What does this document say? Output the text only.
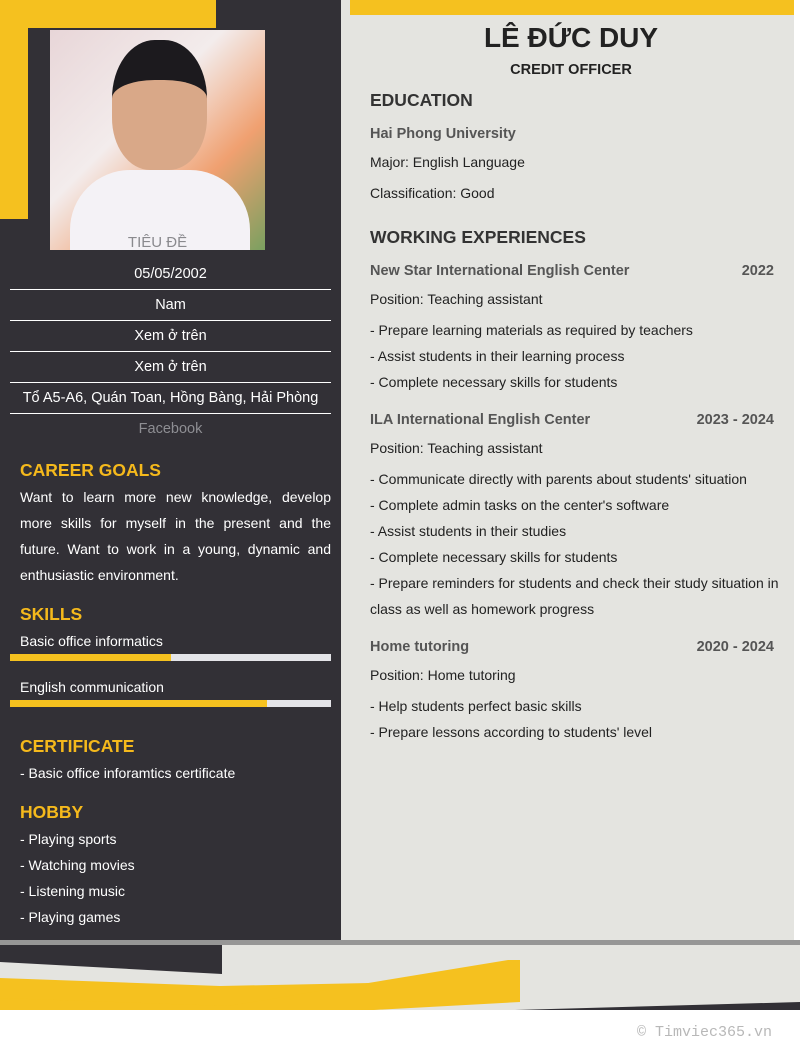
TIÊU ĐỀ
05/05/2002
Nam
Xem ở trên
Xem ở trên
Tổ A5-A6, Quán Toan, Hồng Bàng, Hải Phòng
Facebook
CAREER GOALS
Want to learn more new knowledge, develop more skills for myself in the present and the future. Want to work in a young, dynamic and enthusiastic environment.
SKILLS
Basic office informatics
English communication
CERTIFICATE
- Basic office inforamtics certificate
HOBBY
- Playing sports
- Watching movies
- Listening music
- Playing games
LÊ ĐỨC DUY
CREDIT OFFICER
EDUCATION
Hai Phong University
Major: English Language
Classification: Good
WORKING EXPERIENCES
New Star International English Center	2022
Position: Teaching assistant
- Prepare learning materials as required by teachers
- Assist students in their learning process
- Complete necessary skills for students
ILA International English Center	2023 - 2024
Position: Teaching assistant
- Communicate directly with parents about students' situation
- Complete admin tasks on the center's software
- Assist students in their studies
- Complete necessary skills for students
- Prepare reminders for students and check their study situation in class as well as homework progress
Home tutoring	2020 - 2024
Position: Home tutoring
- Help students perfect basic skills
- Prepare lessons according to students' level
© Timviec365.vn
